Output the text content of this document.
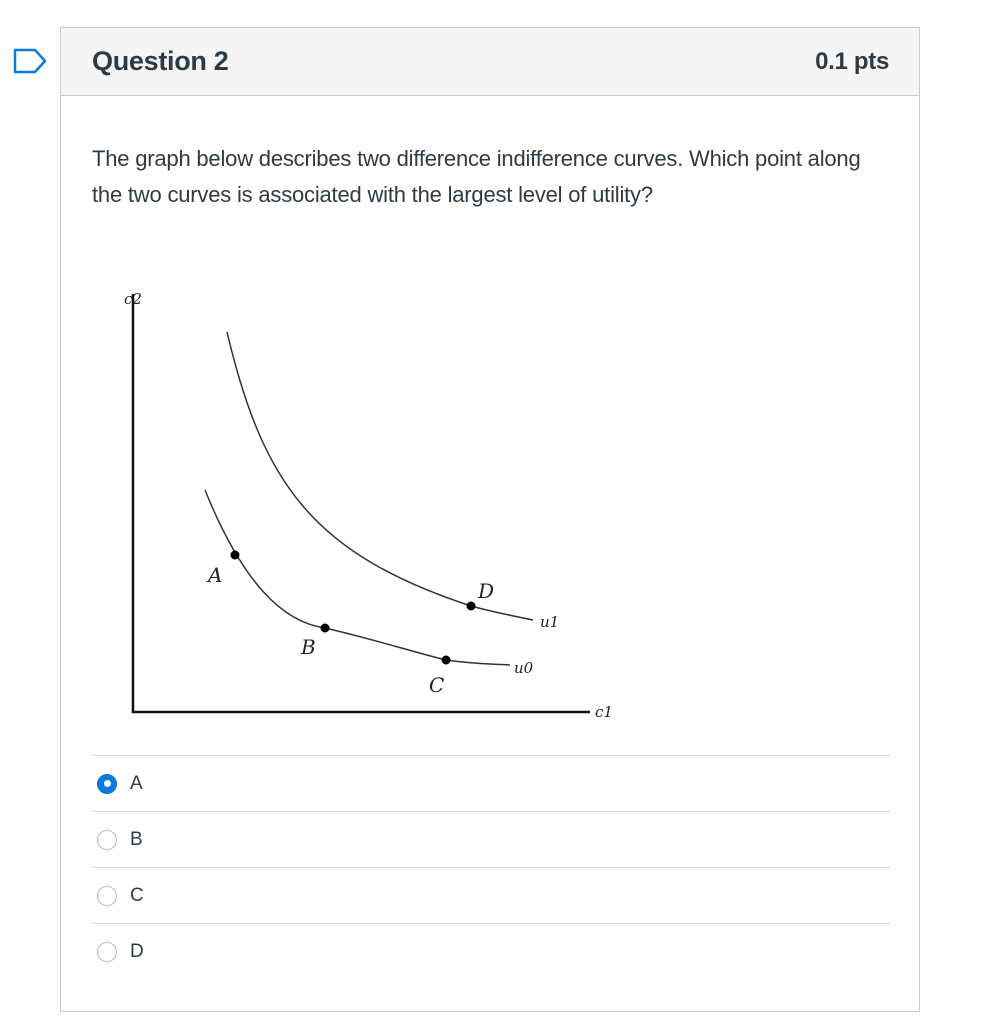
Question 2	0.1 pts
The graph below describes two difference indifference curves. Which point along the two curves is associated with the largest level of utility?
c2
c1
u1
u0
A
B
C
D
A
B
C
D
